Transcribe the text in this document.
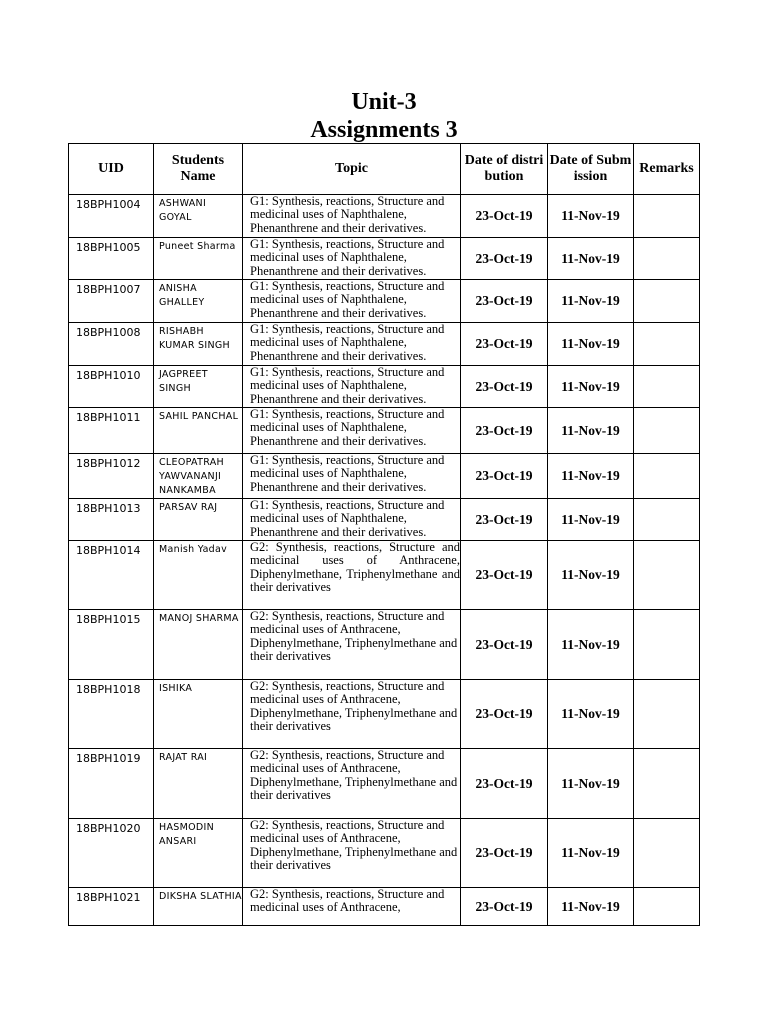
Unit-3
Assignments 3
UID	Students Name	Topic	Date of distribution	Date of Submission	Remarks
18BPH1004	ASHWANI GOYAL	G1: Synthesis, reactions, Structure and medicinal uses of Naphthalene, Phenanthrene and their derivatives.	23-Oct-19	11-Nov-19	
18BPH1005	Puneet Sharma	G1: Synthesis, reactions, Structure and medicinal uses of Naphthalene, Phenanthrene and their derivatives.	23-Oct-19	11-Nov-19	
18BPH1007	ANISHA GHALLEY	G1: Synthesis, reactions, Structure and medicinal uses of Naphthalene, Phenanthrene and their derivatives.	23-Oct-19	11-Nov-19	
18BPH1008	RISHABH KUMAR SINGH	G1: Synthesis, reactions, Structure and medicinal uses of Naphthalene, Phenanthrene and their derivatives.	23-Oct-19	11-Nov-19	
18BPH1010	JAGPREET SINGH	G1: Synthesis, reactions, Structure and medicinal uses of Naphthalene, Phenanthrene and their derivatives.	23-Oct-19	11-Nov-19	
18BPH1011	SAHIL PANCHAL	G1: Synthesis, reactions, Structure and medicinal uses of Naphthalene, Phenanthrene and their derivatives.	23-Oct-19	11-Nov-19	
18BPH1012	CLEOPATRAH YAWVANANJI NANKAMBA	G1: Synthesis, reactions, Structure and medicinal uses of Naphthalene, Phenanthrene and their derivatives.	23-Oct-19	11-Nov-19	
18BPH1013	PARSAV RAJ	G1: Synthesis, reactions, Structure and medicinal uses of Naphthalene, Phenanthrene and their derivatives.	23-Oct-19	11-Nov-19	
18BPH1014	Manish Yadav	G2: Synthesis, reactions, Structure and medicinal uses of Anthracene, Diphenylmethane, Triphenylmethane and their derivatives	23-Oct-19	11-Nov-19	
18BPH1015	MANOJ SHARMA	G2: Synthesis, reactions, Structure and medicinal uses of Anthracene, Diphenylmethane, Triphenylmethane and their derivatives	23-Oct-19	11-Nov-19	
18BPH1018	ISHIKA	G2: Synthesis, reactions, Structure and medicinal uses of Anthracene, Diphenylmethane, Triphenylmethane and their derivatives	23-Oct-19	11-Nov-19	
18BPH1019	RAJAT RAI	G2: Synthesis, reactions, Structure and medicinal uses of Anthracene, Diphenylmethane, Triphenylmethane and their derivatives	23-Oct-19	11-Nov-19	
18BPH1020	HASMODIN ANSARI	G2: Synthesis, reactions, Structure and medicinal uses of Anthracene, Diphenylmethane, Triphenylmethane and their derivatives	23-Oct-19	11-Nov-19	
18BPH1021	DIKSHA SLATHIA	G2: Synthesis, reactions, Structure and medicinal uses of Anthracene,	23-Oct-19	11-Nov-19	
